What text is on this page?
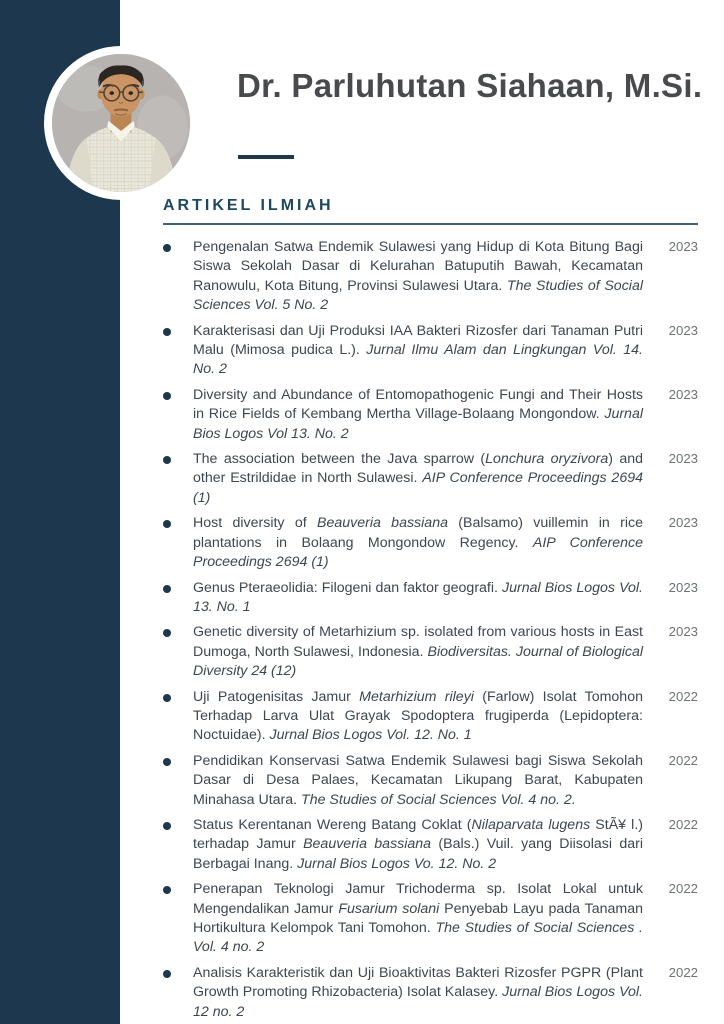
Dr. Parluhutan Siahaan, M.Si.
ARTIKEL ILMIAH

Pengenalan Satwa Endemik Sulawesi yang Hidup di Kota Bitung Bagi Siswa Sekolah Dasar di Kelurahan Batuputih Bawah, Kecamatan Ranowulu, Kota Bitung, Provinsi Sulawesi Utara. The Studies of Social Sciences Vol. 5 No. 2

2023

Karakterisasi dan Uji Produksi IAA Bakteri Rizosfer dari Tanaman Putri Malu (Mimosa pudica L.). Jurnal Ilmu Alam dan Lingkungan Vol. 14. No. 2

2023

Diversity and Abundance of Entomopathogenic Fungi and Their Hosts in Rice Fields of Kembang Mertha Village-Bolaang Mongondow. Jurnal Bios Logos Vol 13. No. 2

2023

The association between the Java sparrow (Lonchura oryzivora) and other Estrildidae in North Sulawesi. AIP Conference Proceedings 2694 (1)

2023

Host diversity of Beauveria bassiana (Balsamo) vuillemin in rice plantations in Bolaang Mongondow Regency. AIP Conference Proceedings 2694 (1)

2023

Genus Pteraeolidia: Filogeni dan faktor geografi. Jurnal Bios Logos Vol. 13. No. 1

2023

Genetic diversity of Metarhizium sp. isolated from various hosts in East Dumoga, North Sulawesi, Indonesia. Biodiversitas. Journal of Biological Diversity 24 (12)

2023

Uji Patogenisitas Jamur Metarhizium rileyi (Farlow) Isolat Tomohon Terhadap Larva Ulat Grayak Spodoptera frugiperda (Lepidoptera: Noctuidae). Jurnal Bios Logos Vol. 12. No. 1

2022

Pendidikan Konservasi Satwa Endemik Sulawesi bagi Siswa Sekolah Dasar di Desa Palaes, Kecamatan Likupang Barat, Kabupaten Minahasa Utara. The Studies of Social Sciences Vol. 4 no. 2.

2022

Status Kerentanan Wereng Batang Coklat (Nilaparvata lugens StÃ¥ l.) terhadap Jamur Beauveria bassiana (Bals.) Vuil. yang Diisolasi dari Berbagai Inang. Jurnal Bios Logos Vo. 12. No. 2

2022

Penerapan Teknologi Jamur Trichoderma sp. Isolat Lokal untuk Mengendalikan Jamur Fusarium solani Penyebab Layu pada Tanaman Hortikultura Kelompok Tani Tomohon. The Studies of Social Sciences . Vol. 4 no. 2

2022

Analisis Karakteristik dan Uji Bioaktivitas Bakteri Rizosfer PGPR (Plant Growth Promoting Rhizobacteria) Isolat Kalasey. Jurnal Bios Logos Vol. 12 no. 2

2022
